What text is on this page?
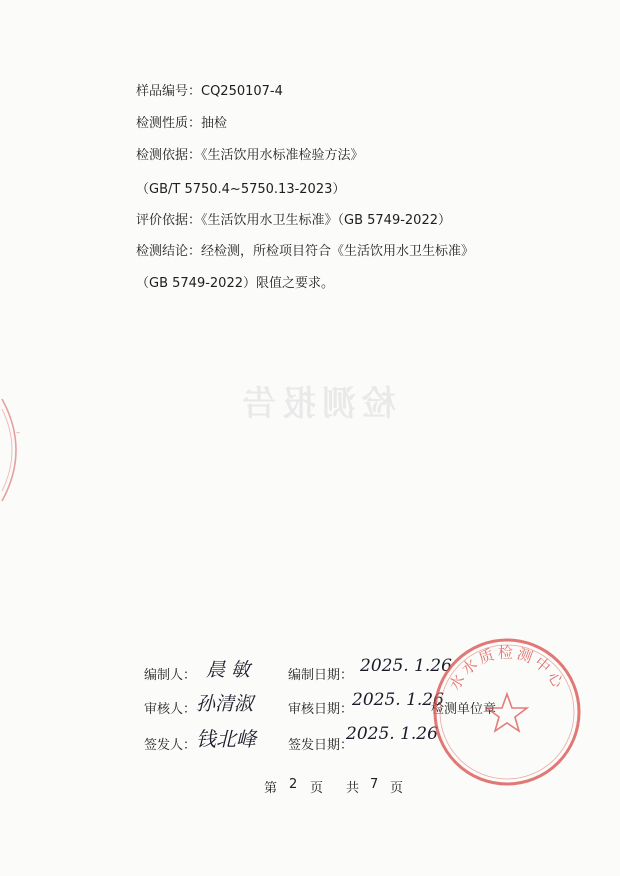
样品编号：CQ250107-4
检测性质：抽检
检测依据：《生活饮用水标准检验方法》
（GB/T 5750.4~5750.13-2023）
评价依据：《生活饮用水卫生标准》（GB 5749-2022）
检测结论：经检测，所检项目符合《生活饮用水卫生标准》
（GB 5749-2022）限值之要求。
检测报告
–
编制人： 晨 敏	编制日期： 2025. 1.26
审核人： 孙清淑	审核日期：
2025. 1.26
检测单位章
签发人： 钱北峰 签发日期：
2025. 1.26
水水质检测中心
第 2 页 共 7 页
